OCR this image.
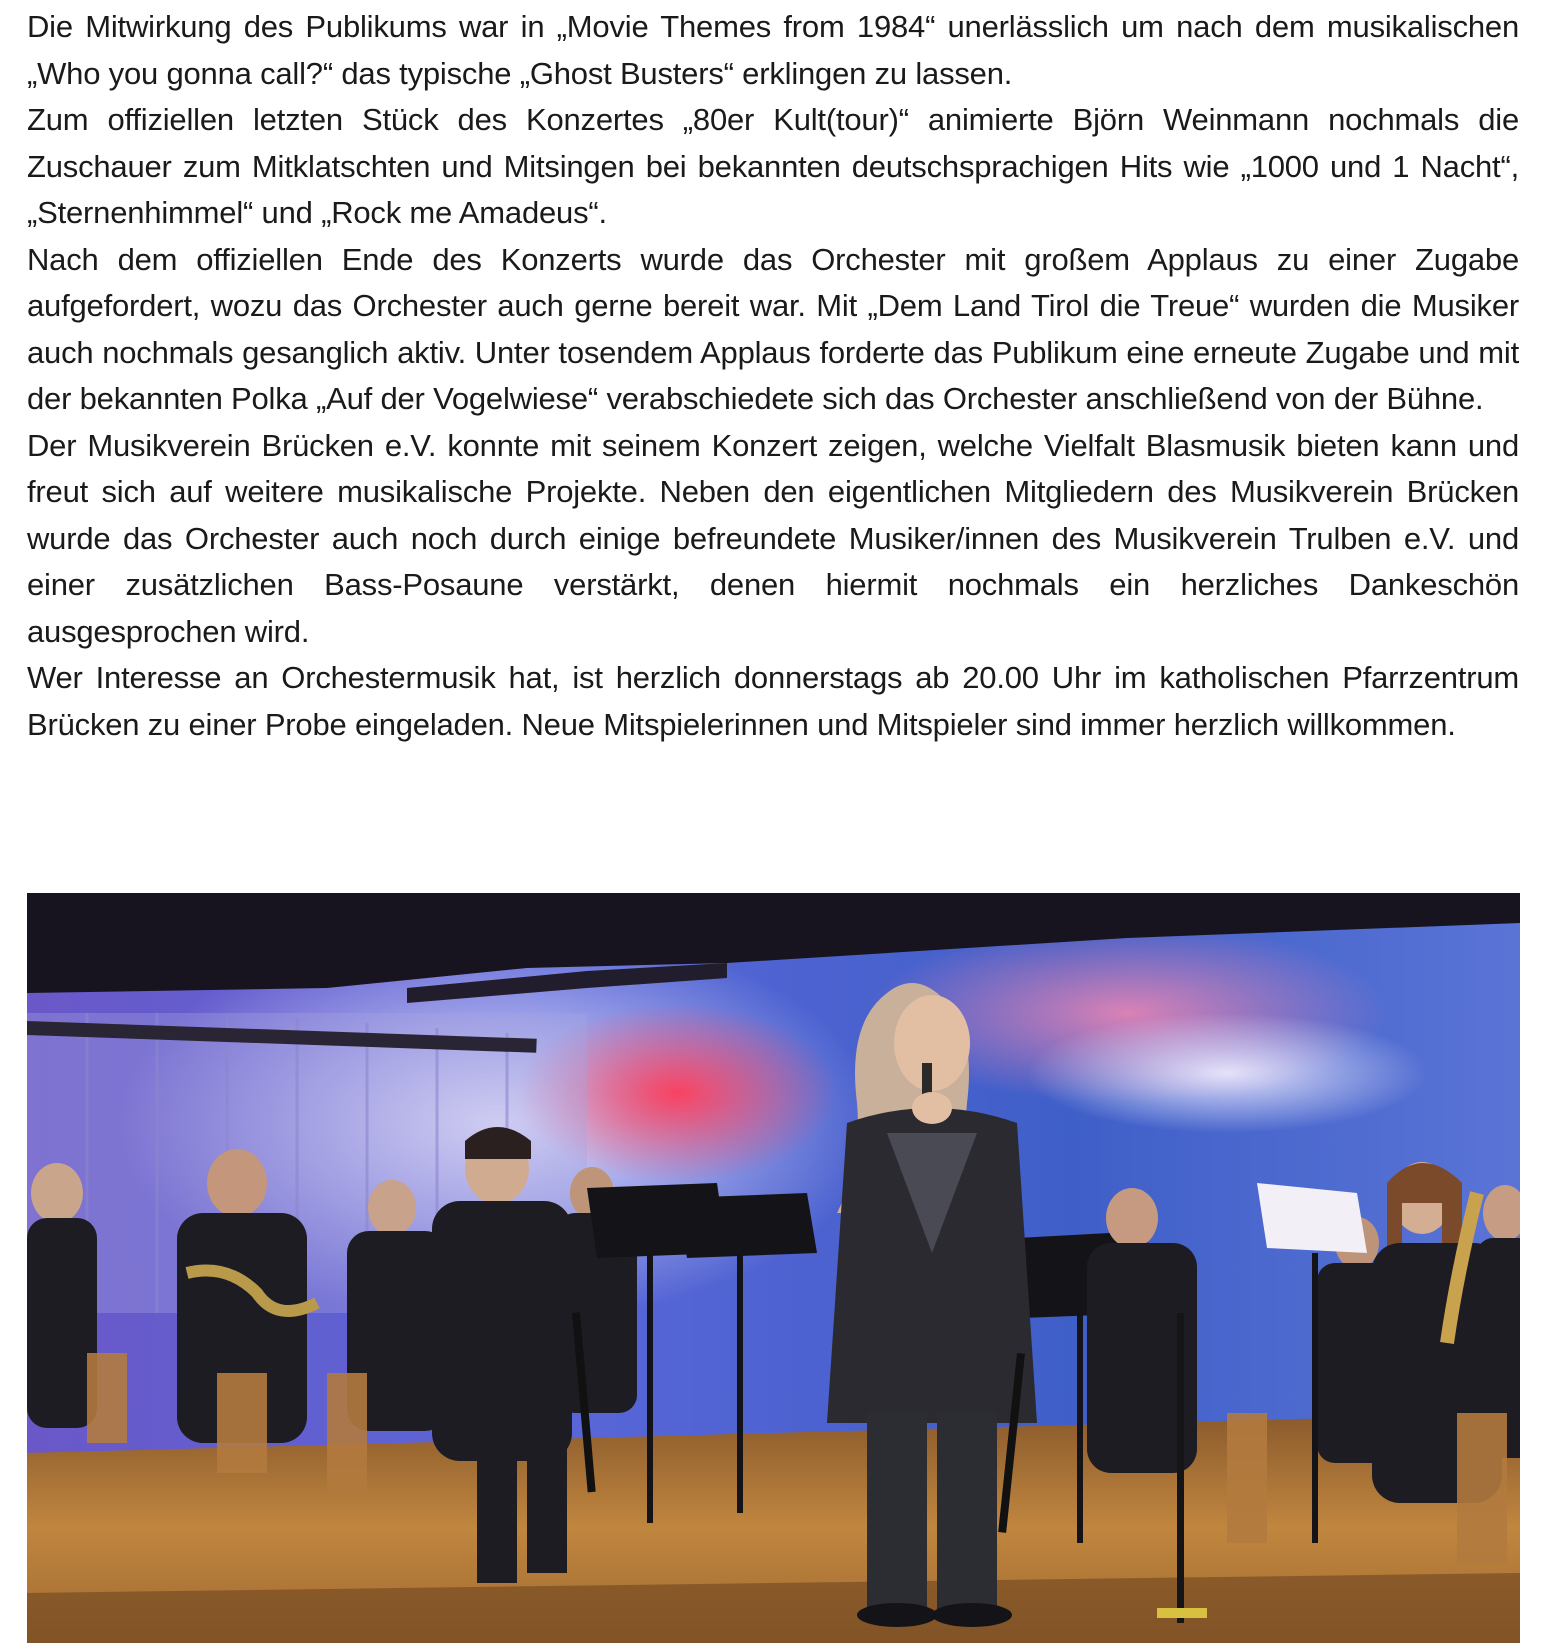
Die Mitwirkung des Publikums war in „Movie Themes from 1984“ unerlässlich um nach dem musikalischen „Who you gonna call?“ das typische „Ghost Busters“ erklingen zu lassen.

Zum offiziellen letzten Stück des Konzertes „80er Kult(tour)“ animierte Björn Weinmann nochmals die Zuschauer zum Mitklatschten und Mitsingen bei bekannten deutschsprachigen Hits wie „1000 und 1 Nacht“, „Sternenhimmel“ und „Rock me Amadeus“.

Nach dem offiziellen Ende des Konzerts wurde das Orchester mit großem Applaus zu einer Zugabe aufgefordert, wozu das Orchester auch gerne bereit war. Mit „Dem Land Tirol die Treue“ wurden die Musiker auch nochmals gesanglich aktiv. Unter tosendem Applaus forderte das Publikum eine erneute Zugabe und mit der bekannten Polka „Auf der Vogelwiese“ verabschiedete sich das Orchester anschließend von der Bühne.

Der Musikverein Brücken e.V. konnte mit seinem Konzert zeigen, welche Vielfalt Blasmusik bieten kann und freut sich auf weitere musikalische Projekte. Neben den eigentlichen Mitgliedern des Musikverein Brücken wurde das Orchester auch noch durch einige befreundete Musiker/innen des Musikverein Trulben e.V. und einer zusätzlichen Bass-Posaune verstärkt, denen hiermit nochmals ein herzliches Dankeschön ausgesprochen wird.

Wer Interesse an Orchestermusik hat, ist herzlich donnerstags ab 20.00 Uhr im katholischen Pfarrzentrum Brücken zu einer Probe eingeladen. Neue Mitspielerinnen und Mitspieler sind immer herzlich willkommen.
